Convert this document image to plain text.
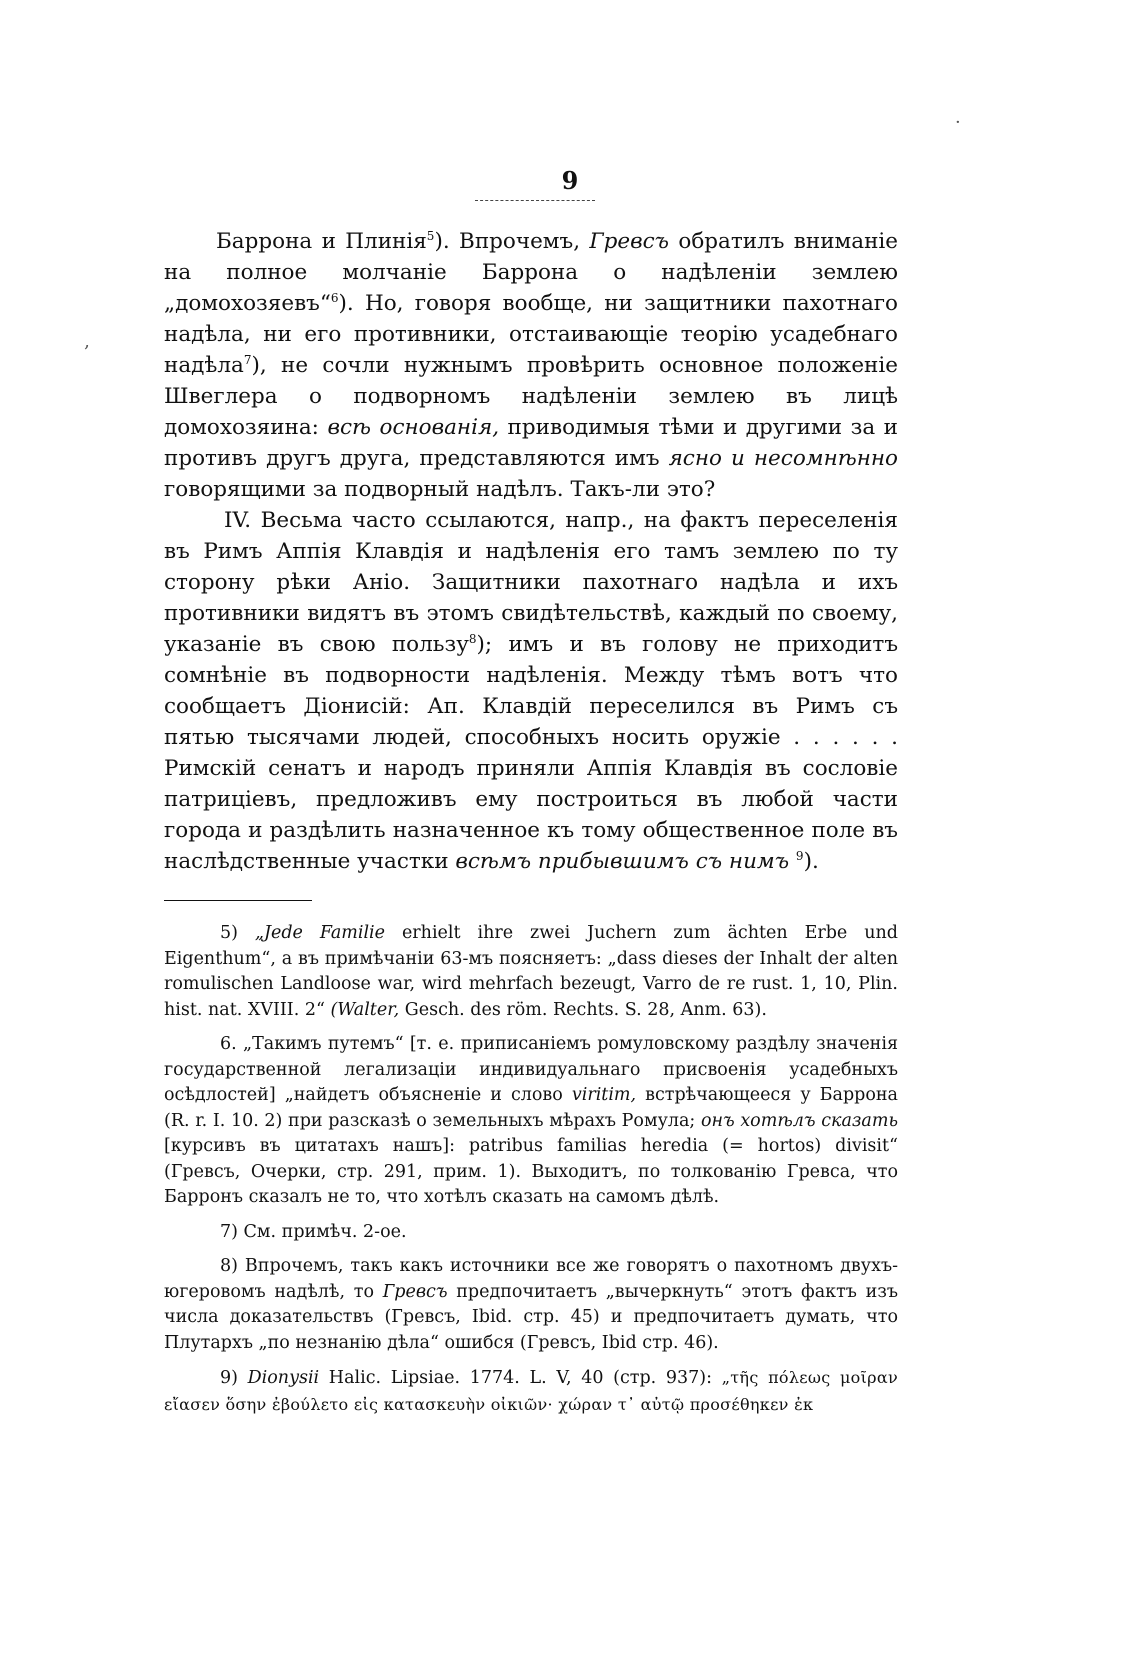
9
·
‚

Баррона и Плинія$^5$). Впрочемъ, Гревсъ обратилъ вниманіе на полное молчаніе Баррона о надѣленіи землею „домохозяевъ“$^6$). Но, говоря вообще, ни защитники пахотнаго надѣла, ни его противники, отстаивающіе теорію усадебнаго надѣла$^7$), не сочли нужнымъ провѣрить основное положеніе Швеглера о подворномъ надѣленіи землею въ лицѣ домохозяина: всѣ основанія, приводимыя тѣми и другими за и противъ другъ друга, представляются имъ ясно и несомнѣнно говорящими за подворный надѣлъ. Такъ-ли это?

IV. Весьма часто ссылаются, напр., на фактъ переселенія въ Римъ Аппія Клавдія и надѣленія его тамъ землею по ту сторону рѣки Аніо. Защитники пахотнаго надѣла и ихъ противники видятъ въ этомъ свидѣтельствѣ, каждый по своему, указаніе въ свою пользу$^8$); имъ и въ голову не приходитъ сомнѣніе въ подворности надѣленія. Между тѣмъ вотъ что сообщаетъ Діонисій: Ап. Клавдій переселился въ Римъ съ пятью тысячами людей, способныхъ носить оружіе . . . . . . Римскій сенатъ и народъ приняли Аппія Клавдія въ сословіе патриціевъ, предложивъ ему построиться въ любой части города и раздѣлить назначенное къ тому общественное поле въ наслѣдственные участки всѣмъ прибывшимъ съ нимъ $^9$).

5) „Jede Familie erhielt ihre zwei Juchern zum ächten Erbe und Eigenthum“, а въ примѣчаніи 63-мъ поясняетъ: „dass dieses der Inhalt der alten romulischen Landloose war, wird mehrfach bezeugt, Varro de re rust. 1, 10, Plin. hist. nat. XVIII. 2“ (Walter, Gesch. des röm. Rechts. S. 28, Anm. 63).

6. „Такимъ путемъ“ [т. е. приписаніемъ ромуловскому раздѣлу значенія государственной легализаціи индивидуальнаго присвоенія усадебныхъ осѣдлостей] „найдетъ объясненіе и слово viritim, встрѣчающееся у Баррона (R. r. I. 10. 2) при разсказѣ о земельныхъ мѣрахъ Ромула; онъ хотѣлъ сказать [курсивъ въ цитатахъ нашъ]: patribus familias heredia (= hortos) divisit“ (Гревсъ, Очерки, стр. 291, прим. 1). Выходитъ, по толкованію Гревса, что Барронъ сказалъ не то, что хотѣлъ сказать на самомъ дѣлѣ.

7) См. примѣч. 2-ое.

8) Впрочемъ, такъ какъ источники все же говорятъ о пахотномъ двухъ-югеровомъ надѣлѣ, то Гревсъ предпочитаетъ „вычеркнуть“ этотъ фактъ изъ числа доказательствъ (Гревсъ, Ibid. стр. 45) и предпочитаетъ думать, что Плутархъ „по незнанію дѣла“ ошибся (Гревсъ, Ibid стр. 46).

9) Dionysii Halic. Lipsiae. 1774. L. V, 40 (стр. 937): „τῆς πόλεως μοῖραν εἴασεν ὅσην ἐβούλετο εἰς κατασκευὴν οἰκιῶν· χώραν τ᾿ αὐτῷ προσέθηκεν ἐκ
